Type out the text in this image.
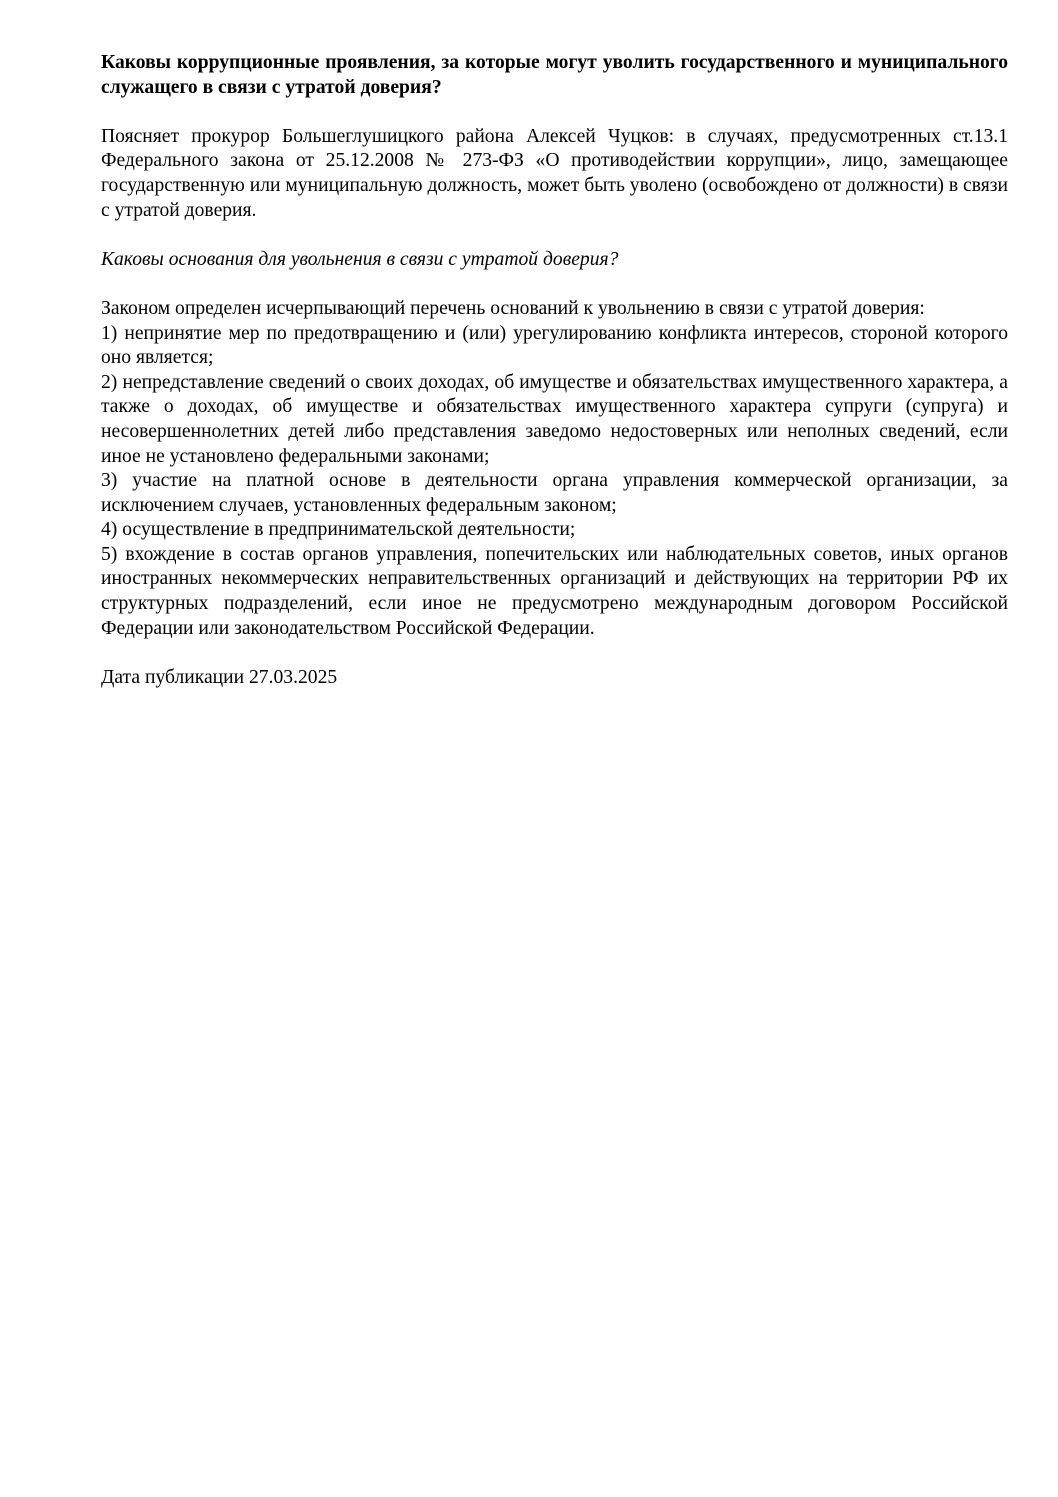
Каковы коррупционные проявления, за которые могут уволить государственного и муниципального служащего в связи с утратой доверия?

Поясняет прокурор Большеглушицкого района Алексей Чуцков: в случаях, предусмотренных ст.13.1 Федерального закона от 25.12.2008 № 273-ФЗ «О противодействии коррупции», лицо, замещающее государственную или муниципальную должность, может быть уволено (освобождено от должности) в связи с утратой доверия.

Каковы основания для увольнения в связи с утратой доверия?

Законом определен исчерпывающий перечень оснований к увольнению в связи с утратой доверия:

1) непринятие мер по предотвращению и (или) урегулированию конфликта интересов, стороной которого оно является;

2) непредставление сведений о своих доходах, об имуществе и обязательствах имущественного характера, а также о доходах, об имуществе и обязательствах имущественного характера супруги (супруга) и несовершеннолетних детей либо представления заведомо недостоверных или неполных сведений, если иное не установлено федеральными законами;

3) участие на платной основе в деятельности органа управления коммерческой организации, за исключением случаев, установленных федеральным законом;

4) осуществление в предпринимательской деятельности;

5) вхождение в состав органов управления, попечительских или наблюдательных советов, иных органов иностранных некоммерческих неправительственных организаций и действующих на территории РФ их структурных подразделений, если иное не предусмотрено международным договором Российской Федерации или законодательством Российской Федерации.

Дата публикации 27.03.2025
